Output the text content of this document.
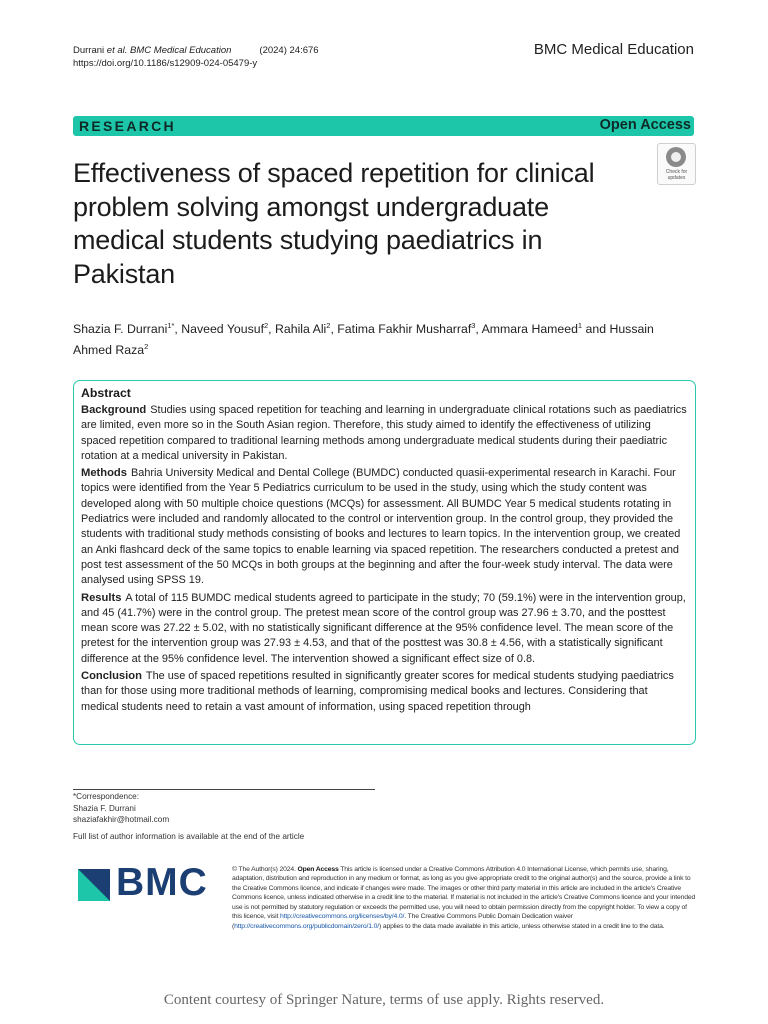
Durrani et al. BMC Medical Education	(2024) 24:676
https://doi.org/10.1186/s12909-024-05479-y
BMC Medical Education
RESEARCH	Open Access
Effectiveness of spaced repetition for clinical problem solving amongst undergraduate medical students studying paediatrics in Pakistan
Check for
updates
Shazia F. Durrani$^{1*}$, Naveed Yousuf$^2$, Rahila Ali$^2$, Fatima Fakhir Musharraf$^3$, Ammara Hameed$^1$ and Hussain Ahmed Raza$^2$
Abstract

Background Studies using spaced repetition for teaching and learning in undergraduate clinical rotations such as paediatrics are limited, even more so in the South Asian region. Therefore, this study aimed to identify the effectiveness of utilizing spaced repetition compared to traditional learning methods among undergraduate medical students during their paediatric rotation at a medical university in Pakistan.

Methods Bahria University Medical and Dental College (BUMDC) conducted quasii-experimental research in Karachi. Four topics were identified from the Year 5 Pediatrics curriculum to be used in the study, using which the study content was developed along with 50 multiple choice questions (MCQs) for assessment. All BUMDC Year 5 medical students rotating in Pediatrics were included and randomly allocated to the control or intervention group. In the control group, they provided the students with traditional study methods consisting of books and lectures to learn topics. In the intervention group, we created an Anki flashcard deck of the same topics to enable learning via spaced repetition. The researchers conducted a pretest and post test assessment of the 50 MCQs in both groups at the beginning and after the four-week study interval. The data were analysed using SPSS 19.

Results A total of 115 BUMDC medical students agreed to participate in the study; 70 (59.1%) were in the intervention group, and 45 (41.7%) were in the control group. The pretest mean score of the control group was 27.96 ± 3.70, and the posttest mean score was 27.22 ± 5.02, with no statistically significant difference at the 95% confidence level. The mean score of the pretest for the intervention group was 27.93 ± 4.53, and that of the posttest was 30.8 ± 4.56, with a statistically significant difference at the 95% confidence level. The intervention showed a significant effect size of 0.8.

Conclusion The use of spaced repetitions resulted in significantly greater scores for medical students studying paediatrics than for those using more traditional methods of learning, compromising medical books and lectures. Considering that medical students need to retain a vast amount of information, using spaced repetition through

*Correspondence:
Shazia F. Durrani
shaziafakhir@hotmail.com
Full list of author information is available at the end of the article
BMC	© The Author(s) 2024. Open Access This article is licensed under a Creative Commons Attribution 4.0 International License, which permits use, sharing, adaptation, distribution and reproduction in any medium or format, as long as you give appropriate credit to the original author(s) and the source, provide a link to the Creative Commons licence, and indicate if changes were made. The images or other third party material in this article are included in the article's Creative Commons licence, unless indicated otherwise in a credit line to the material. If material is not included in the article's Creative Commons licence and your intended use is not permitted by statutory regulation or exceeds the permitted use, you will need to obtain permission directly from the copyright holder. To view a copy of this licence, visit http://creativecommons.org/licenses/by/4.0/. The Creative Commons Public Domain Dedication waiver (http://creativecommons.org/publicdomain/zero/1.0/) applies to the data made available in this article, unless otherwise stated in a credit line to the data.
Content courtesy of Springer Nature, terms of use apply. Rights reserved.
